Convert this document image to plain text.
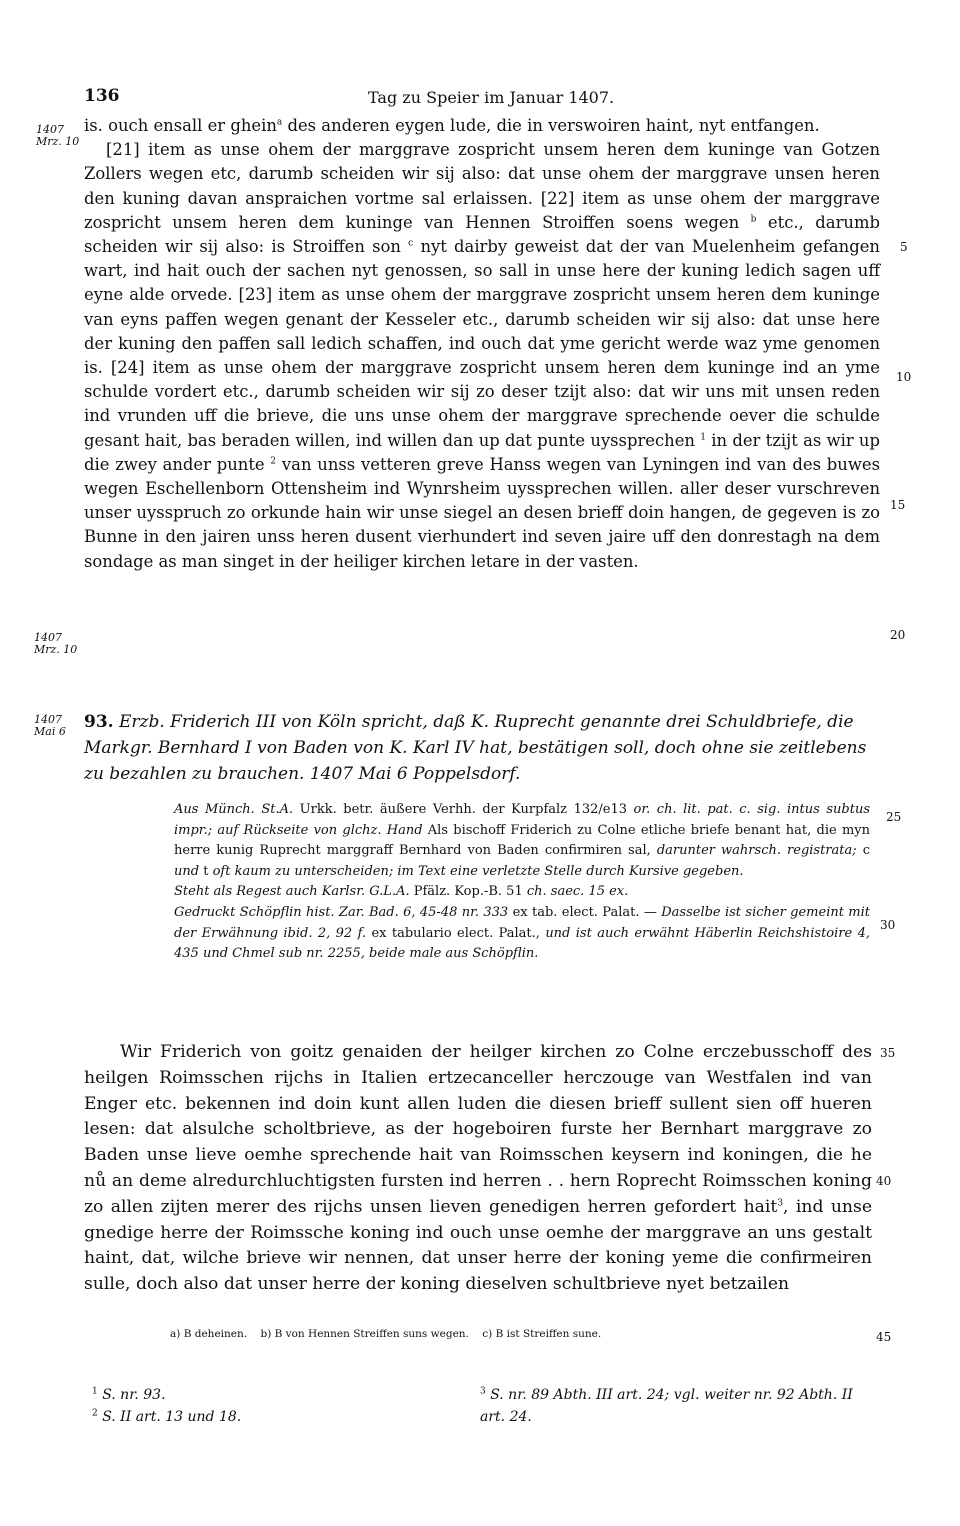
136	Tag zu Speier im Januar 1407.
1407
Mrz. 10
1407
Mrz. 10
1407
Mai 6
5
10
15
20
25
30
35
40
45

is. ouch ensall er ghein$^a$ des anderen eygen lude, die in verswoiren haint, nyt entfangen.

[21] item as unse ohem der marggrave zospricht unsem heren dem kuninge van Gotzen Zollers wegen etc, darumb scheiden wir sij also: dat unse ohem der marggrave unsen heren den kuning davan anspraichen vortme sal erlaissen. [22] item as unse ohem der marggrave zospricht unsem heren dem kuninge van Hennen Stroiffen soens wegen $^b$ etc., darumb scheiden wir sij also: is Stroiffen son $^c$ nyt dairby geweist dat der van Muelenheim gefangen wart, ind hait ouch der sachen nyt genossen, so sall in unse here der kuning ledich sagen uff eyne alde orvede. [23] item as unse ohem der marggrave zospricht unsem heren dem kuninge van eyns paffen wegen genant der Kesseler etc., darumb scheiden wir sij also: dat unse here der kuning den paffen sall ledich schaffen, ind ouch dat yme gericht werde waz yme genomen is. [24] item as unse ohem der marggrave zospricht unsem heren dem kuninge ind an yme schulde vordert etc., darumb scheiden wir sij zo deser tzijt also: dat wir uns mit unsen reden ind vrunden uff die brieve, die uns unse ohem der marggrave sprechende oever die schulde gesant hait, bas beraden willen, ind willen dan up dat punte uyssprechen $^1$ in der tzijt as wir up die zwey ander punte $^2$ van unss vetteren greve Hanss wegen van Lyningen ind van des buwes wegen Eschellenborn Ottensheim ind Wynrsheim uyssprechen willen. aller deser vurschreven unser uysspruch zo orkunde hain wir unse siegel an desen brieff doin hangen, de gegeven is zo Bunne in den jairen unss heren dusent vierhundert ind seven jaire uff den donrestagh na dem sondage as man singet in der heiliger kirchen letare in der vasten.

93. Erzb. Friderich III von Köln spricht, daß K. Ruprecht genannte drei Schuldbriefe, die Markgr. Bernhard I von Baden von K. Karl IV hat, bestätigen soll, doch ohne sie zeitlebens zu bezahlen zu brauchen. 1407 Mai 6 Poppelsdorf.

Aus Münch. St.A. Urkk. betr. äußere Verhh. der Kurpfalz 132/e13 or. ch. lit. pat. c. sig. intus subtus impr.; auf Rückseite von glchz. Hand Als bischoff Friderich zu Colne etliche briefe benant hat, die myn herre kunig Ruprecht marggraff Bernhard von Baden confirmiren sal, darunter wahrsch. registrata; c und t oft kaum zu unterscheiden; im Text eine verletzte Stelle durch Kursive gegeben.

Steht als Regest auch Karlsr. G.L.A. Pfälz. Kop.-B. 51 ch. saec. 15 ex.

Gedruckt Schöpflin hist. Zar. Bad. 6, 45-48 nr. 333 ex tab. elect. Palat. — Dasselbe ist sicher gemeint mit der Erwähnung ibid. 2, 92 f. ex tabulario elect. Palat., und ist auch erwähnt Häberlin Reichshistoire 4, 435 und Chmel sub nr. 2255, beide male aus Schöpflin.

Wir Friderich von goitz genaiden der heilger kirchen zo Colne erczebusschoff des heilgen Roimsschen rijchs in Italien ertzecanceller herczouge van Westfalen ind van Enger etc. bekennen ind doin kunt allen luden die diesen brieff sullent sien off hueren lesen: dat alsulche scholtbrieve, as der hogeboiren furste her Bernhart marggrave zo Baden unse lieve oemhe sprechende hait van Roimsschen keysern ind koningen, die he nů an deme alredurchluchtigsten fursten ind herren . . hern Roprecht Roimsschen koning zo allen zijten merer des rijchs unsen lieven genedigen herren gefordert hait$^3$, ind unse gnedige herre der Roimssche koning ind ouch unse oemhe der marggrave an uns gestalt haint, dat, wilche brieve wir nennen, dat unser herre der koning yeme die confirmeiren sulle, doch also dat unser herre der koning dieselven schultbrieve nyet betzailen

a) B deheinen. b) B von Hennen Streiffen suns wegen. c) B ist Streiffen sune.
$^1$ S. nr. 93.
$^2$ S. II art. 13 und 18.
$^3$ S. nr. 89 Abth. III art. 24; vgl. weiter nr. 92 Abth. II art. 24.
